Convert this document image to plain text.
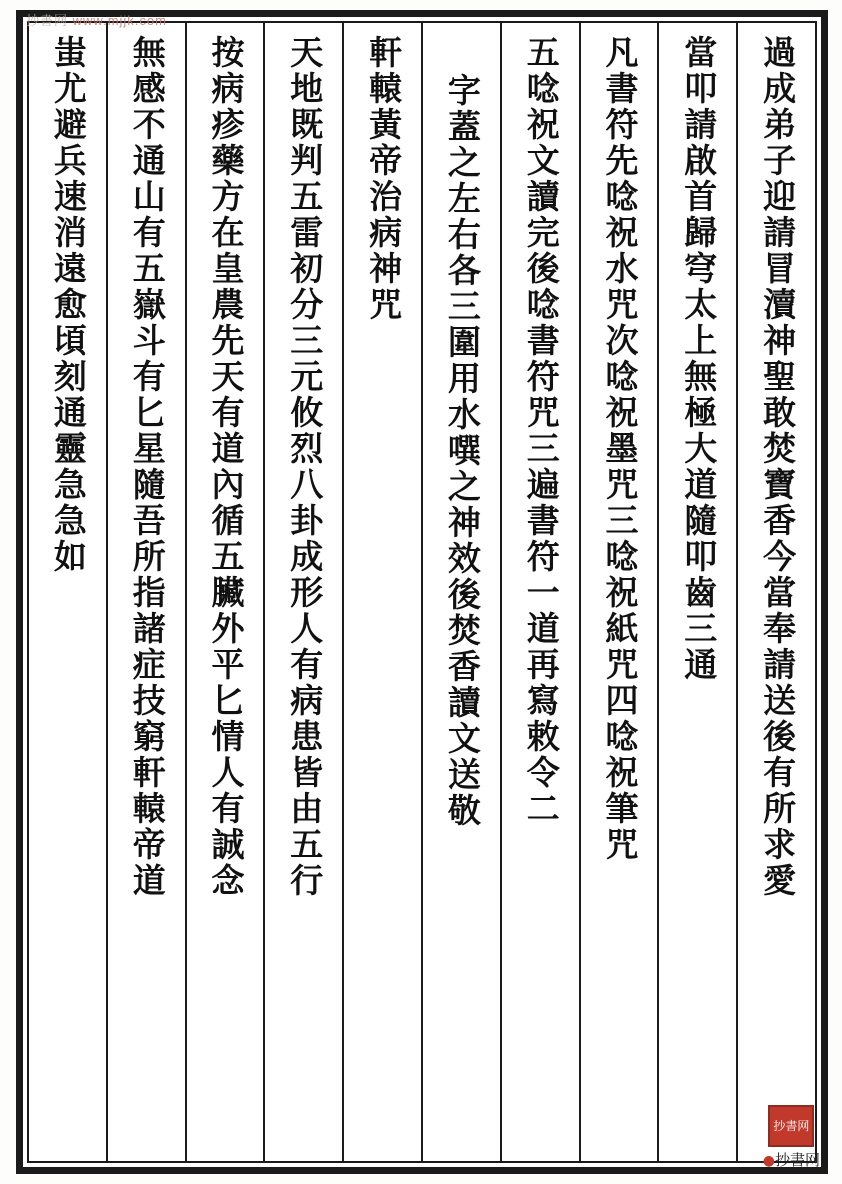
抄書网 www.mjjk.com
過成弟子迎請冒瀆神聖敢焚寶香今當奉請送後有所求愛
當叩請啟首歸穹太上無極大道隨叩齒三通
凡書符先唸祝水咒次唸祝墨咒三唸祝紙咒四唸祝筆咒
五唸祝文讀完後唸書符咒三遍書符一道再寫敕令二
字蓋之左右各三圍用水噀之神效後焚香讀文送敬
軒轅黃帝治病神咒
天地既判五雷初分三元攸烈八卦成形人有病患皆由五行
按病疹藥方在皇農先天有道內循五臟外平匕情人有誠念
無感不通山有五嶽斗有匕星隨吾所指諸症技窮軒轅帝道
蚩尤避兵速消遠愈頃刻通靈急急如
抄書网
●抄書网
